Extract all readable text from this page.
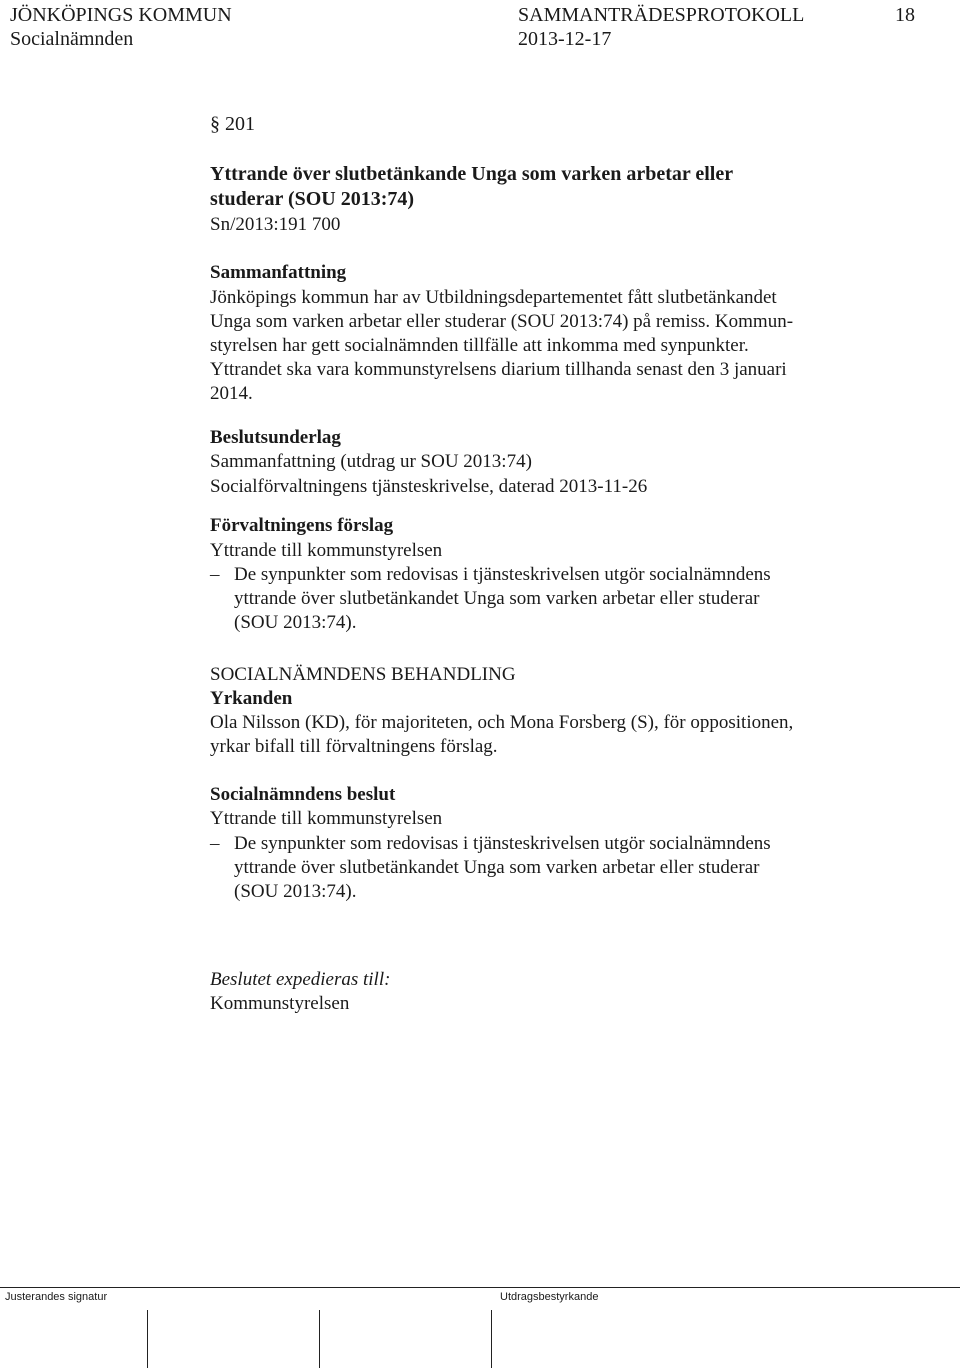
JÖNKÖPINGS KOMMUN	SAMMANTRÄDESPROTOKOLL	18
Socialnämnden	2013-12-17
§ 201
Yttrande över slutbetänkande Unga som varken arbetar eller
studerar (SOU 2013:74)
Sn/2013:191 700
Sammanfattning
Jönköpings kommun har av Utbildningsdepartementet fått slutbetänkandet
Unga som varken arbetar eller studerar (SOU 2013:74) på remiss. Kommun-
styrelsen har gett socialnämnden tillfälle att inkomma med synpunkter.
Yttrandet ska vara kommunstyrelsens diarium tillhanda senast den 3 januari
2014.
Beslutsunderlag
Sammanfattning (utdrag ur SOU 2013:74)
Socialförvaltningens tjänsteskrivelse, daterad 2013-11-26
Förvaltningens förslag
Yttrande till kommunstyrelsen
– De synpunkter som redovisas i tjänsteskrivelsen utgör socialnämndens
yttrande över slutbetänkandet Unga som varken arbetar eller studerar
(SOU 2013:74).
SOCIALNÄMNDENS BEHANDLING
Yrkanden
Ola Nilsson (KD), för majoriteten, och Mona Forsberg (S), för oppositionen,
yrkar bifall till förvaltningens förslag.
Socialnämndens beslut
Yttrande till kommunstyrelsen
– De synpunkter som redovisas i tjänsteskrivelsen utgör socialnämndens
yttrande över slutbetänkandet Unga som varken arbetar eller studerar
(SOU 2013:74).
Beslutet expedieras till:
Kommunstyrelsen
Justerandes signatur	Utdragsbestyrkande
